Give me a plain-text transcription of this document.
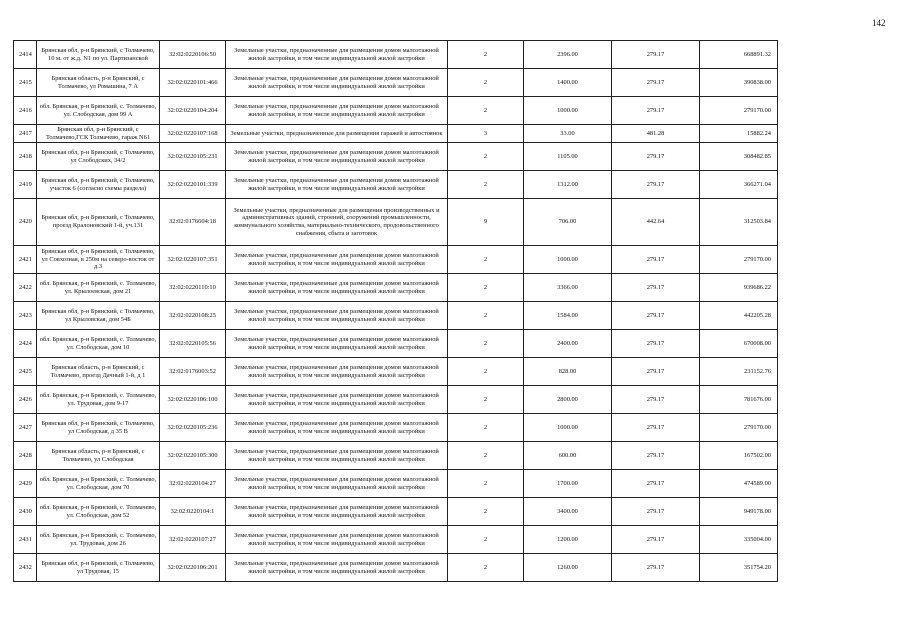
142
2414	Брянская обл, р-н Брянский, с Толмачево, 10 м. от ж.д. N1 по ул. Партизанской	32:02:0220106:50	Земельные участки, предназначенные для размещения домов малоэтажной жилой застройки, в том числе индивидуальной жилой застройки	2	2396.00	279.17	668891.32
2415	Брянская область, р-н Брянский, с Толмачево, ул Ромашина, 7 А	32:02:0220101:466	Земельные участки, предназначенные для размещения домов малоэтажной жилой застройки, в том числе индивидуальной жилой застройки	2	1400.00	279.17	390838.00
2416	обл. Брянская, р-н Брянский, с. Толмачево, ул. Слободская, дом 99 А	32:02:0220104:204	Земельные участки, предназначенные для размещения домов малоэтажной жилой застройки, в том числе индивидуальной жилой застройки	2	1000.00	279.17	279170.00
2417	Брянская обл, р-н Брянский, с Толмачево,ГСК Толмачево, гараж N61	32:02:0220107:168	Земельные участки, предназначенные для размещения гаражей и автостоянок	3	33.00	481.28	15882.24
2418	Брянская обл, р-н Брянский, с Толмачево, ул Слободских, 34/2	32:02:0220105:231	Земельные участки, предназначенные для размещения домов малоэтажной жилой застройки, в том числе индивидуальной жилой застройки	2	1105.00	279.17	308482.85
2419	Брянская обл, р-н Брянский, с Толмачево, участок 6 (согласно схемы раздела)	32:02:0220101:339	Земельные участки, предназначенные для размещения домов малоэтажной жилой застройки, в том числе индивидуальной жилой застройки	2	1312.00	279.17	366271.04
2420	Брянская обл, р-н Брянский, с Толмачево, проезд Кралоновский 1-й, уч.131	32:02:0176604:18	Земельные участки, предназначенные для размещения производственных и административных зданий, строений, сооружений промышленности, коммунального хозяйства, материально-технического, продовольственного снабжения, сбыта и заготовок	9	706.00	442.64	312503.84
2421	Брянская обл, р-н Брянский, с Толмачево, ул Совхозная, в 250м на северо-восток от д.3	32:02:0220107:351	Земельные участки, предназначенные для размещения домов малоэтажной жилой застройки, в том числе индивидуальной жилой застройки	2	1000.00	279.17	279170.00
2422	обл. Брянская, р-н Брянский, с. Толмачево, ул. Крылоевская, дом 21	32:02:0220110:10	Земельные участки, предназначенные для размещения домов малоэтажной жилой застройки, в том числе индивидуальной жилой застройки	2	3366.00	279.17	939686.22
2423	Брянская обл, р-н Брянский, с Толмачево, ул Крыловская, дом 54Б	32:02:0220108:25	Земельные участки, предназначенные для размещения домов малоэтажной жилой застройки, в том числе индивидуальной жилой застройки	2	1584.00	279.17	442205.28
2424	обл. Брянская, р-н Брянский, с. Толмачево, ул. Слободская, дом 10	32:02:0220105:56	Земельные участки, предназначенные для размещения домов малоэтажной жилой застройки, в том числе индивидуальной жилой застройки	2	2400.00	279.17	670008.00
2425	Брянская область, р-н Брянский, с Толмачево, проезд Дачный 1-й, д 1	32:02:0176003:52	Земельные участки, предназначенные для размещения домов малоэтажной жилой застройки, в том числе индивидуальной жилой застройки	2	828.00	279.17	231152.76
2426	обл. Брянская, р-н Брянский, с. Толмачево, ул. Трудовая, дом 9-17	32:02:0220106:100	Земельные участки, предназначенные для размещения домов малоэтажной жилой застройки, в том числе индивидуальной жилой застройки	2	2800.00	279.17	781676.00
2427	Брянская обл, р-н Брянский, с Толмачево, ул Слободская, д 35 В	32:02:0220105:236	Земельные участки, предназначенные для размещения домов малоэтажной жилой застройки, в том числе индивидуальной жилой застройки	2	1000.00	279.17	279170.00
2428	Брянская область, р-н Брянский, с Толмачево, ул Слободская	32:02:0220105:300	Земельные участки, предназначенные для размещения домов малоэтажной жилой застройки, в том числе индивидуальной жилой застройки	2	600.00	279.17	167502.00
2429	обл. Брянская, р-н Брянский, с. Толмачево, ул. Слободская, дом 70	32:02:0220104:27	Земельные участки, предназначенные для размещения домов малоэтажной жилой застройки, в том числе индивидуальной жилой застройки	2	1700.00	279.17	474589.00
2430	обл. Брянская, р-н Брянский, с. Толмачево, ул. Слободская, дом 52	32:02:0220104:1	Земельные участки, предназначенные для размещения домов малоэтажной жилой застройки, в том числе индивидуальной жилой застройки	2	3400.00	279.17	949178.00
2431	обл. Брянская, р-н Брянский, с. Толмачево, ул. Трудовая, дом 26	32:02:0220107:27	Земельные участки, предназначенные для размещения домов малоэтажной жилой застройки, в том числе индивидуальной жилой застройки	2	1200.00	279.17	335004.00
2432	Брянская обл, р-н Брянский, с Толмачево, ул Трудовая, 15	32:02:0220106:201	Земельные участки, предназначенные для размещения домов малоэтажной жилой застройки, в том числе индивидуальной жилой застройки	2	1260.00	279.17	351754.20
